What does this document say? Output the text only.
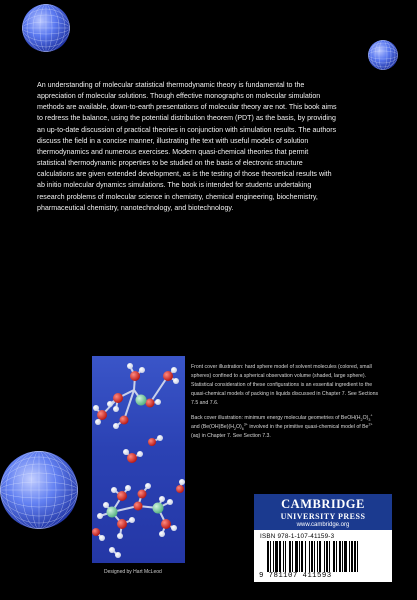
An understanding of molecular statistical thermodynamic theory is fundamental to the appreciation of molecular solutions. Though effective monographs on molecular simulation methods are available, down-to-earth presentations of molecular theory are not. This book aims to redress the balance, using the potential distribution theorem (PDT) as the basis, by providing an up-to-date discussion of practical theories in conjunction with simulation results. The authors discuss the field in a concise manner, illustrating the text with useful models of solution thermodynamics and numerous exercises. Modern quasi-chemical theories that permit statistical thermodynamic properties to be studied on the basis of electronic structure calculations are given extended development, as is the testing of those theoretical results with ab initio molecular dynamics simulations. The book is intended for students undertaking research problems of molecular science in chemistry, chemical engineering, biochemistry, pharmaceutical chemistry, nanotechnology, and biotechnology.

Front cover illustration: hard sphere model of solvent molecules (colored, small spheres) confined to a spherical observation volume (shaded, large sphere). Statistical consideration of these configurations is an essential ingredient to the quasi-chemical models of packing in liquids discussed in Chapter 7. See Sections 7.5 and 7.6.

Back cover illustration: minimum energy molecular geometries of $BeOH(H_2O)_3^+$ and $(Be(OH)Be)(H_2O)_6^{3+}$ involved in the primitive quasi-chemical model of $Be^{2+}(aq)$ in Chapter 7. See Section 7.3.

CAMBRIDGE
UNIVERSITY PRESS
www.cambridge.org
ISBN 978-1-107-41159-3
9 781107 411593
Designed by Hart McLeod
